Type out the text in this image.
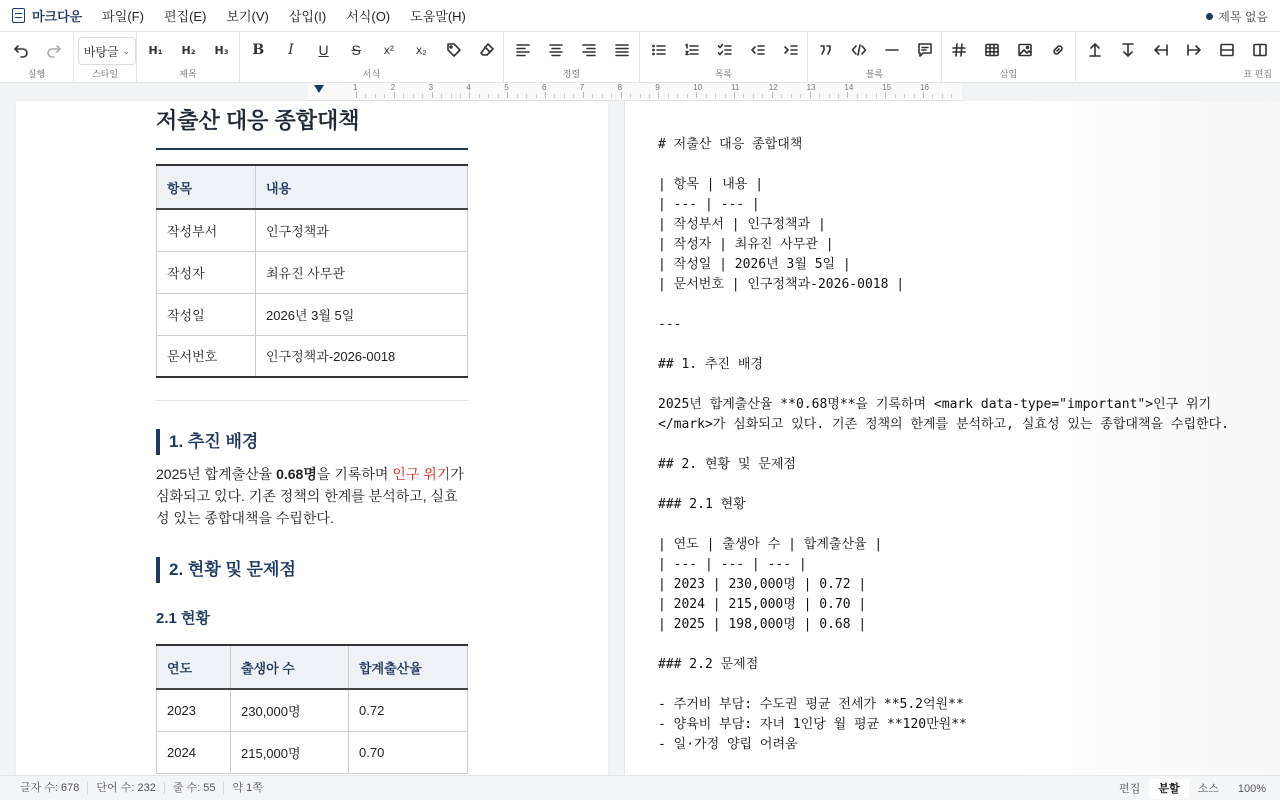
마크다운	파일(F)	편집(E)	보기(V)	삽입(I)	서식(O)	도움말(H)	제목 없음
실행
바탕글 ⌄
스타일
H₁	H₂	H₃
제목
B	I	U	S	x²	x₂
서식	정렬	목록	블록	삽입	표 편집
1	2	3	4	5	6	7	8	9	10	11	12	13	14	15	16
저출산 대응 종합대책
항목	내용
작성부서	인구정책과
작성자	최유진 사무관
작성일	2026년 3월 5일
문서번호	인구정책과-2026-0018
1. 추진 배경
2025년 합계출산율 0.68명을 기록하며 인구 위기가 심화되고 있다. 기존 정책의 한계를 분석하고, 실효성 있는 종합대책을 수립한다.
2. 현황 및 문제점
2.1 현황
연도	출생아 수	합계출산율
2023	230,000명	0.72
2024	215,000명	0.70
# 저출산 대응 종합대책

| 항목 | 내용 |
| --- | --- |
| 작성부서 | 인구정책과 |
| 작성자 | 최유진 사무관 |
| 작성일 | 2026년 3월 5일 |
| 문서번호 | 인구정책과-2026-0018 |

---

## 1. 추진 배경

2025년 합계출산율 **0.68명**을 기록하며 <mark data-type="important">인구 위기
</mark>가 심화되고 있다. 기존 정책의 한계를 분석하고, 실효성 있는 종합대책을 수립한다.

## 2. 현황 및 문제점

### 2.1 현황

| 연도 | 출생아 수 | 합계출산율 |
| --- | --- | --- |
| 2023 | 230,000명 | 0.72 |
| 2024 | 215,000명 | 0.70 |
| 2025 | 198,000명 | 0.68 |

### 2.2 문제점

- 주거비 부담: 수도권 평균 전세가 **5.2억원**
- 양육비 부담: 자녀 1인당 월 평균 **120만원**
- 일·가정 양립 어려움
글자 수: 678	단어 수: 232	줄 수: 55	약 1쪽	편집	분할	소스	100%
